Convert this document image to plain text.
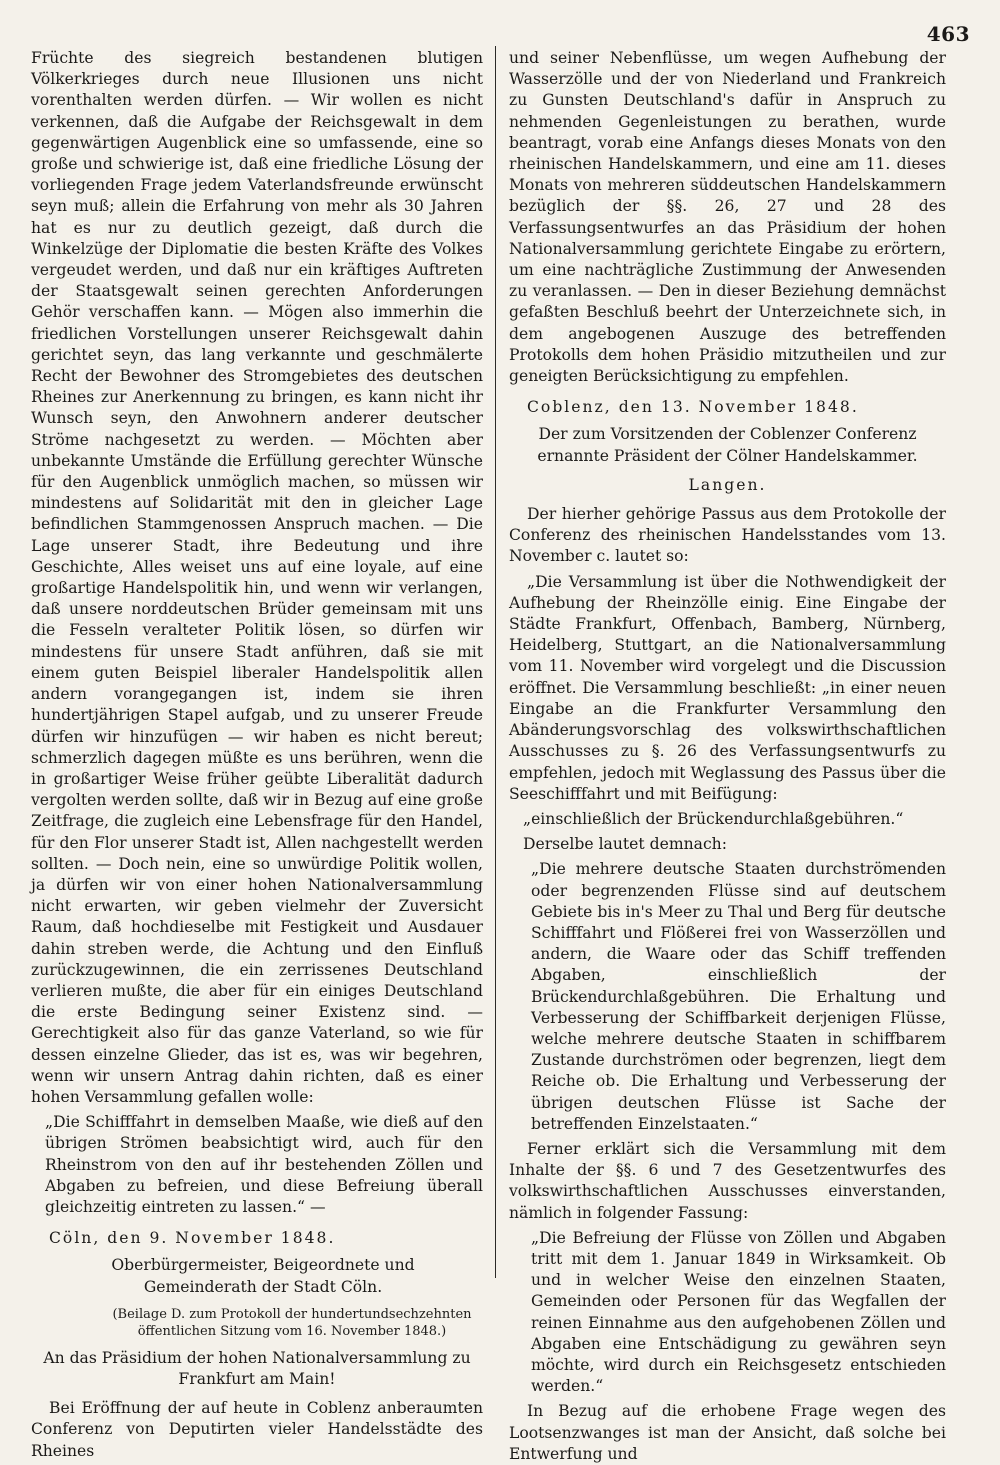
463

Früchte des siegreich bestandenen blutigen Völkerkrieges durch neue Illusionen uns nicht vorenthalten werden dürfen. — Wir wollen es nicht verkennen, daß die Aufgabe der Reichsgewalt in dem gegenwärtigen Augenblick eine so umfassende, eine so große und schwierige ist, daß eine friedliche Lösung der vorliegenden Frage jedem Vaterlandsfreunde erwünscht seyn muß; allein die Erfahrung von mehr als 30 Jahren hat es nur zu deutlich gezeigt, daß durch die Winkelzüge der Diplomatie die besten Kräfte des Volkes vergeudet werden, und daß nur ein kräftiges Auftreten der Staatsgewalt seinen gerechten Anforderungen Gehör verschaffen kann. — Mögen also immerhin die friedlichen Vorstellungen unserer Reichsgewalt dahin gerichtet seyn, das lang verkannte und geschmälerte Recht der Bewohner des Stromgebietes des deutschen Rheines zur Anerkennung zu bringen, es kann nicht ihr Wunsch seyn, den Anwohnern anderer deutscher Ströme nachgesetzt zu werden. — Möchten aber unbekannte Umstände die Erfüllung gerechter Wünsche für den Augenblick unmöglich machen, so müssen wir mindestens auf Solidarität mit den in gleicher Lage befindlichen Stammgenossen Anspruch machen. — Die Lage unserer Stadt, ihre Bedeutung und ihre Geschichte, Alles weiset uns auf eine loyale, auf eine großartige Handelspolitik hin, und wenn wir verlangen, daß unsere norddeutschen Brüder gemeinsam mit uns die Fesseln veralteter Politik lösen, so dürfen wir mindestens für unsere Stadt anführen, daß sie mit einem guten Beispiel liberaler Handelspolitik allen andern vorangegangen ist, indem sie ihren hundertjährigen Stapel aufgab, und zu unserer Freude dürfen wir hinzufügen — wir haben es nicht bereut; schmerzlich dagegen müßte es uns berühren, wenn die in großartiger Weise früher geübte Liberalität dadurch vergolten werden sollte, daß wir in Bezug auf eine große Zeitfrage, die zugleich eine Lebensfrage für den Handel, für den Flor unserer Stadt ist, Allen nachgestellt werden sollten. — Doch nein, eine so unwürdige Politik wollen, ja dürfen wir von einer hohen Nationalversammlung nicht erwarten, wir geben vielmehr der Zuversicht Raum, daß hochdieselbe mit Festigkeit und Ausdauer dahin streben werde, die Achtung und den Einfluß zurückzugewinnen, die ein zerrissenes Deutschland verlieren mußte, die aber für ein einiges Deutschland die erste Bedingung seiner Existenz sind. — Gerechtigkeit also für das ganze Vaterland, so wie für dessen einzelne Glieder, das ist es, was wir begehren, wenn wir unsern Antrag dahin richten, daß es einer hohen Versammlung gefallen wolle:

„Die Schifffahrt in demselben Maaße, wie dieß auf den übrigen Strömen beabsichtigt wird, auch für den Rheinstrom von den auf ihr bestehenden Zöllen und Abgaben zu befreien, und diese Befreiung überall gleichzeitig eintreten zu lassen.“ —

Cöln, den 9. November 1848.

Oberbürgermeister, Beigeordnete und Gemeinderath der Stadt Cöln.

(Beilage D. zum Protokoll der hundertundsechzehnten öffentlichen Sitzung vom 16. November 1848.)

An das Präsidium der hohen Nationalversammlung zu Frankfurt am Main!

Bei Eröffnung der auf heute in Coblenz anberaumten Conferenz von Deputirten vieler Handelsstädte des Rheines

und seiner Nebenflüsse, um wegen Aufhebung der Wasserzölle und der von Niederland und Frankreich zu Gunsten Deutschland's dafür in Anspruch zu nehmenden Gegenleistungen zu berathen, wurde beantragt, vorab eine Anfangs dieses Monats von den rheinischen Handelskammern, und eine am 11. dieses Monats von mehreren süddeutschen Handelskammern bezüglich der §§. 26, 27 und 28 des Verfassungsentwurfes an das Präsidium der hohen Nationalversammlung gerichtete Eingabe zu erörtern, um eine nachträgliche Zustimmung der Anwesenden zu veranlassen. — Den in dieser Beziehung demnächst gefaßten Beschluß beehrt der Unterzeichnete sich, in dem angebogenen Auszuge des betreffenden Protokolls dem hohen Präsidio mitzutheilen und zur geneigten Berücksichtigung zu empfehlen.

Coblenz, den 13. November 1848.

Der zum Vorsitzenden der Coblenzer Conferenz ernannte Präsident der Cölner Handelskammer.

Langen.

Der hierher gehörige Passus aus dem Protokolle der Conferenz des rheinischen Handelsstandes vom 13. November c. lautet so:

„Die Versammlung ist über die Nothwendigkeit der Aufhebung der Rheinzölle einig. Eine Eingabe der Städte Frankfurt, Offenbach, Bamberg, Nürnberg, Heidelberg, Stuttgart, an die Nationalversammlung vom 11. November wird vorgelegt und die Discussion eröffnet. Die Versammlung beschließt: „in einer neuen Eingabe an die Frankfurter Versammlung den Abänderungsvorschlag des volkswirthschaftlichen Ausschusses zu §. 26 des Verfassungsentwurfs zu empfehlen, jedoch mit Weglassung des Passus über die Seeschifffahrt und mit Beifügung:

„einschließlich der Brückendurchlaßgebühren.“

Derselbe lautet demnach:

„Die mehrere deutsche Staaten durchströmenden oder begrenzenden Flüsse sind auf deutschem Gebiete bis in's Meer zu Thal und Berg für deutsche Schifffahrt und Flößerei frei von Wasserzöllen und andern, die Waare oder das Schiff treffenden Abgaben, einschließlich der Brückendurchlaßgebühren. Die Erhaltung und Verbesserung der Schiffbarkeit derjenigen Flüsse, welche mehrere deutsche Staaten in schiffbarem Zustande durchströmen oder begrenzen, liegt dem Reiche ob. Die Erhaltung und Verbesserung der übrigen deutschen Flüsse ist Sache der betreffenden Einzelstaaten.“

Ferner erklärt sich die Versammlung mit dem Inhalte der §§. 6 und 7 des Gesetzentwurfes des volkswirthschaftlichen Ausschusses einverstanden, nämlich in folgender Fassung:

„Die Befreiung der Flüsse von Zöllen und Abgaben tritt mit dem 1. Januar 1849 in Wirksamkeit. Ob und in welcher Weise den einzelnen Staaten, Gemeinden oder Personen für das Wegfallen der reinen Einnahme aus den aufgehobenen Zöllen und Abgaben eine Entschädigung zu gewähren seyn möchte, wird durch ein Reichsgesetz entschieden werden.“

In Bezug auf die erhobene Frage wegen des Lootsenzwanges ist man der Ansicht, daß solche bei Entwerfung und
